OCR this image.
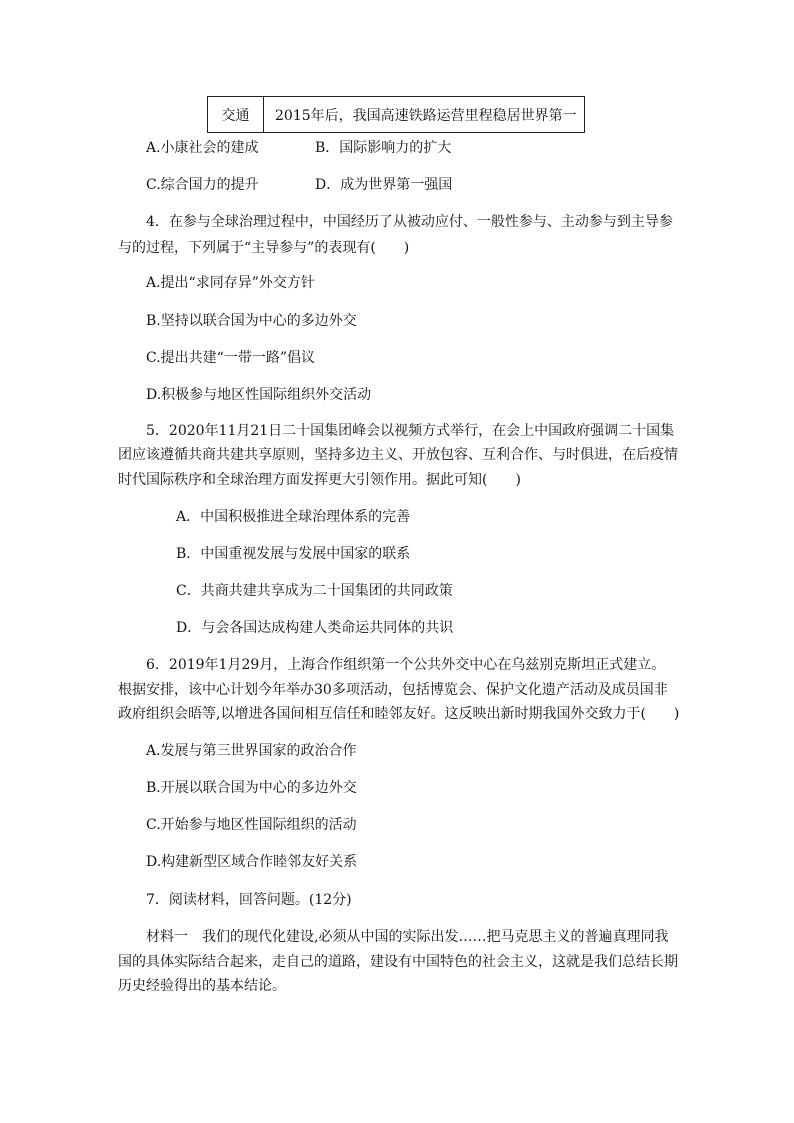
交通	2015年后，我国高速铁路运营里程稳居世界第一
A.小康社会的建成	B．国际影响力的扩大
C.综合国力的提升	D．成为世界第一强国
4．在参与全球治理过程中，中国经历了从被动应付、一般性参与、主动参与到主导参
与的过程，下列属于“主导参与”的表现有(　　)
A.提出“求同存异”外交方针
B.坚持以联合国为中心的多边外交
C.提出共建“一带一路”倡议
D.积极参与地区性国际组织外交活动
5．2020年11月21日二十国集团峰会以视频方式举行，在会上中国政府强调二十国集
团应该遵循共商共建共享原则，坚持多边主义、开放包容、互利合作、与时俱进，在后疫情
时代国际秩序和全球治理方面发挥更大引领作用。据此可知(　　)
A．中国积极推进全球治理体系的完善
B．中国重视发展与发展中国家的联系
C．共商共建共享成为二十国集团的共同政策
D．与会各国达成构建人类命运共同体的共识
6．2019年1月29月，上海合作组织第一个公共外交中心在乌兹别克斯坦正式建立。
根据安排，该中心计划今年举办30多项活动，包括博览会、保护文化遗产活动及成员国非
政府组织会晤等,以增进各国间相互信任和睦邻友好。这反映出新时期我国外交致力于(　　)
A.发展与第三世界国家的政治合作
B.开展以联合国为中心的多边外交
C.开始参与地区性国际组织的活动
D.构建新型区域合作睦邻友好关系
7．阅读材料，回答问题。(12分)
材料一　我们的现代化建设,必须从中国的实际出发……把马克思主义的普遍真理同我
国的具体实际结合起来，走自己的道路，建设有中国特色的社会主义，这就是我们总结长期
历史经验得出的基本结论。
